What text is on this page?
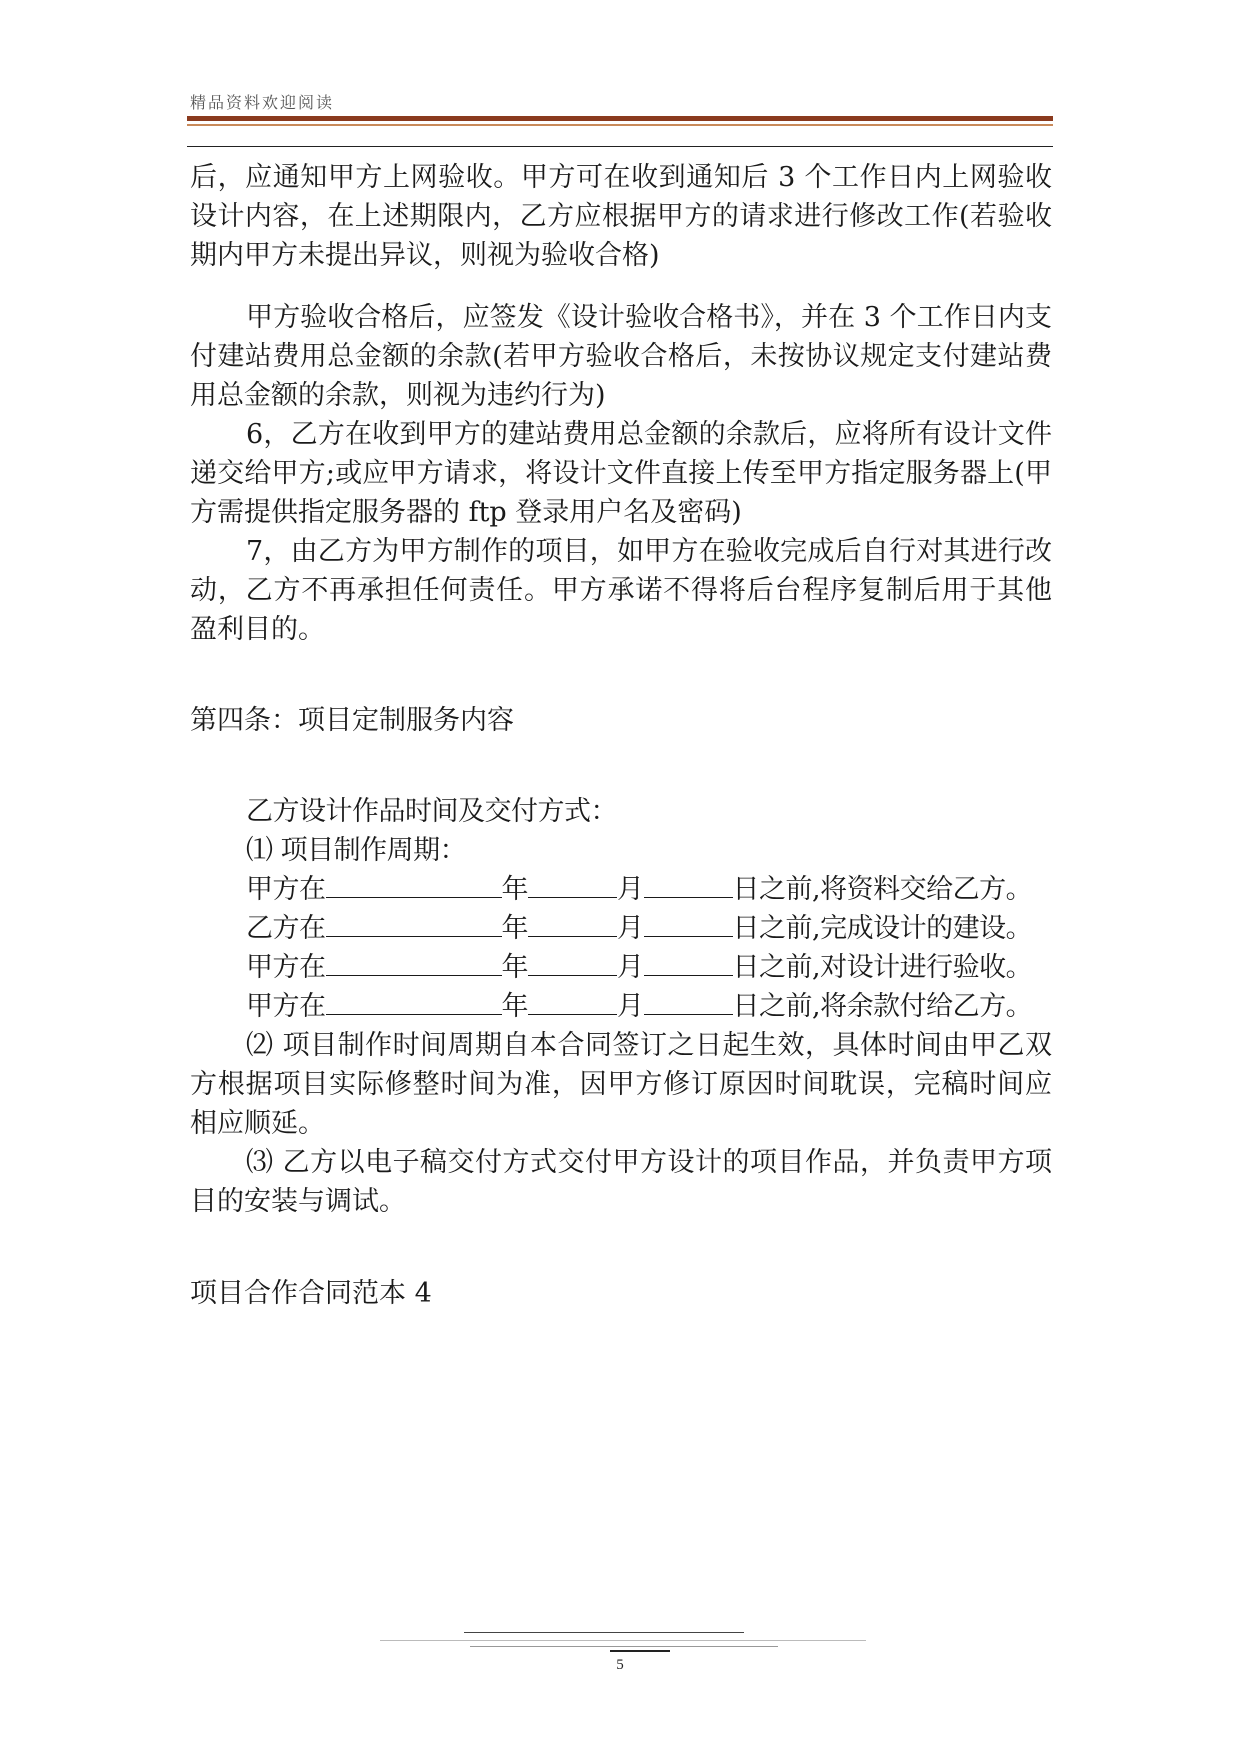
精品资料欢迎阅读

后，应通知甲方上网验收。甲方可在收到通知后 3 个工作日内上网验收设计内容，在上述期限内，乙方应根据甲方的请求进行修改工作(若验收期内甲方未提出异议，则视为验收合格)

甲方验收合格后，应签发《设计验收合格书》，并在 3 个工作日内支付建站费用总金额的余款(若甲方验收合格后，未按协议规定支付建站费用总金额的余款，则视为违约行为)

6，乙方在收到甲方的建站费用总金额的余款后，应将所有设计文件递交给甲方;或应甲方请求，将设计文件直接上传至甲方指定服务器上(甲方需提供指定服务器的 ftp 登录用户名及密码)

7，由乙方为甲方制作的项目，如甲方在验收完成后自行对其进行改动，乙方不再承担任何责任。甲方承诺不得将后台程序复制后用于其他盈利目的。

第四条：项目定制服务内容

乙方设计作品时间及交付方式：

⑴ 项目制作周期：

甲方在	年	月	日之前,将资料交给乙方。

乙方在	年	月	日之前,完成设计的建设。

甲方在	年	月	日之前,对设计进行验收。

甲方在	年	月	日之前,将余款付给乙方。

⑵ 项目制作时间周期自本合同签订之日起生效，具体时间由甲乙双方根据项目实际修整时间为准，因甲方修订原因时间耽误，完稿时间应相应顺延。

⑶ 乙方以电子稿交付方式交付甲方设计的项目作品，并负责甲方项目的安装与调试。

项目合作合同范本 4

5
